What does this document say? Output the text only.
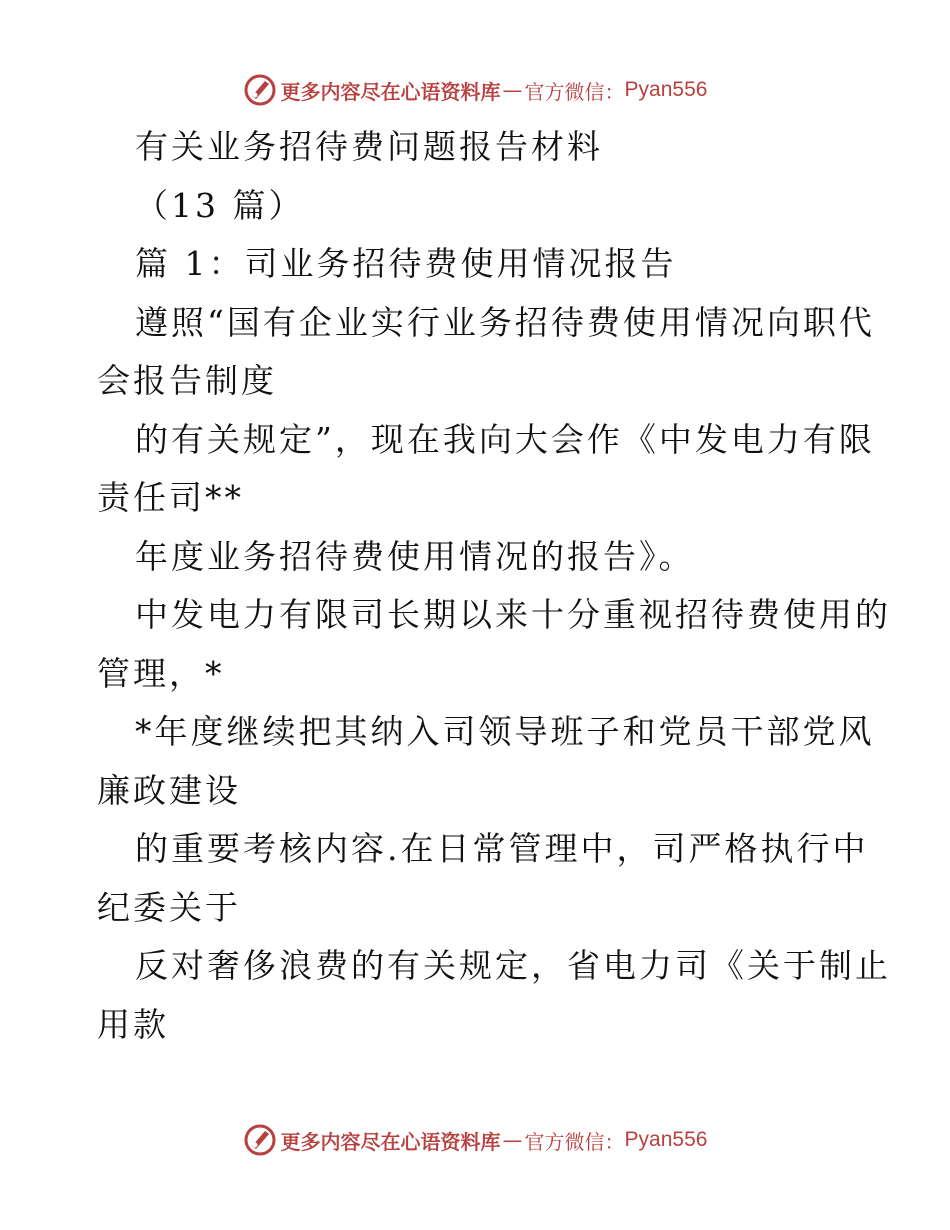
更多内容尽在心语资料库 — 官方微信： Pyan556
有关业务招待费问题报告材料
（13 篇）
篇 1：司业务招待费使用情况报告
遵照“国有企业实行业务招待费使用情况向职代
会报告制度
的有关规定”，现在我向大会作《中发电力有限
责任司**
年度业务招待费使用情况的报告》。
中发电力有限司长期以来十分重视招待费使用的
管理，*
*年度继续把其纳入司领导班子和党员干部党风
廉政建设
的重要考核内容.在日常管理中，司严格执行中
纪委关于
反对奢侈浪费的有关规定，省电力司《关于制止
用款
更多内容尽在心语资料库 — 官方微信： Pyan556
